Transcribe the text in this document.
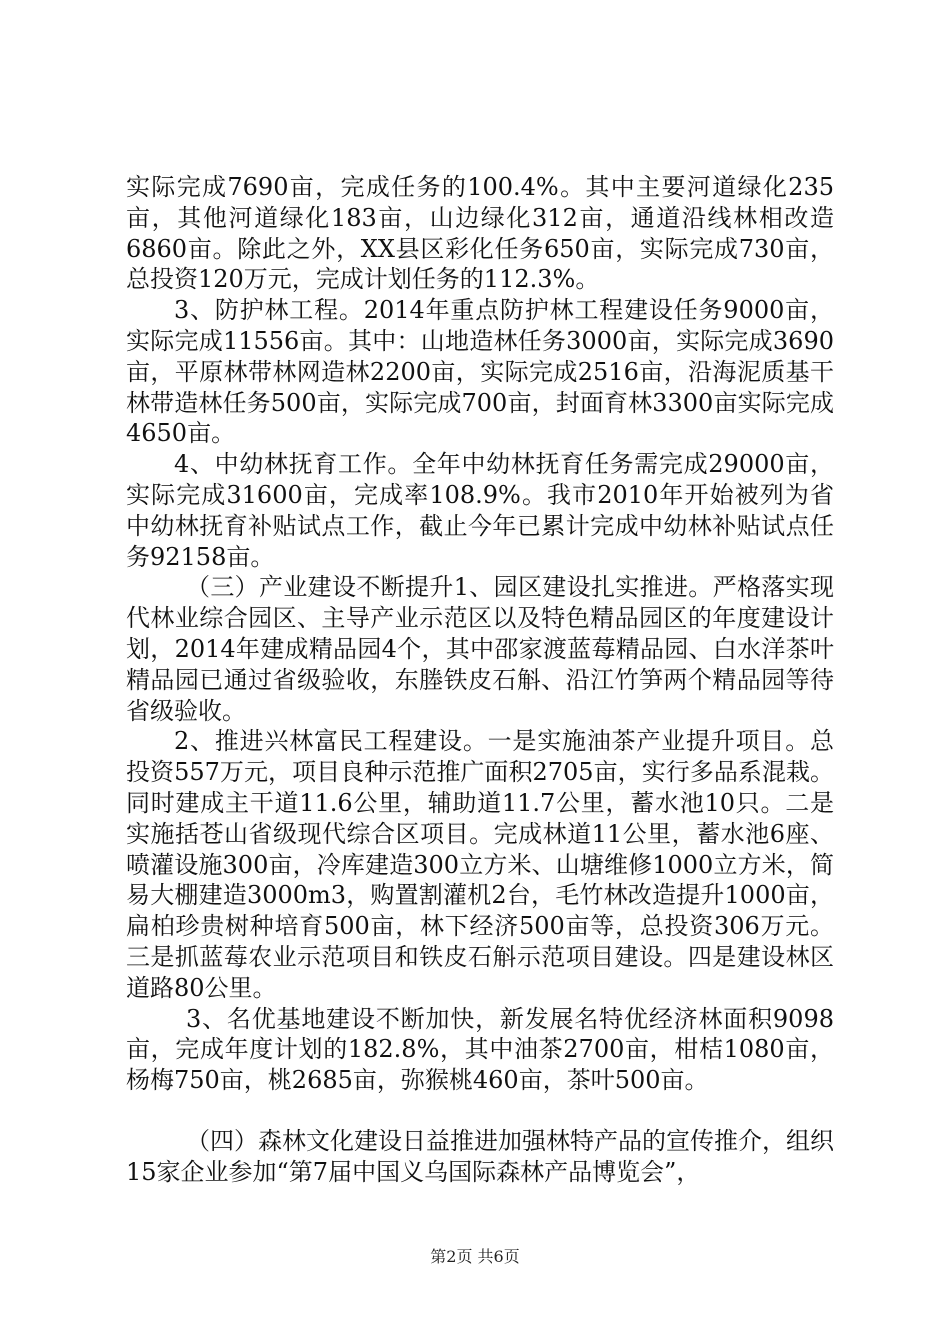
实际完成7690亩，完成任务的100.4%。其中主要河道绿化235亩，其他河道绿化183亩，山边绿化312亩，通道沿线林相改造6860亩。除此之外，XX县区彩化任务650亩，实际完成730亩，总投资120万元，完成计划任务的112.3%。

3、防护林工程。2014年重点防护林工程建设任务9000亩，实际完成11556亩。其中：山地造林任务3000亩，实际完成3690亩，平原林带林网造林2200亩，实际完成2516亩，沿海泥质基干林带造林任务500亩，实际完成700亩，封面育林3300亩实际完成4650亩。

4、中幼林抚育工作。全年中幼林抚育任务需完成29000亩，实际完成31600亩，完成率108.9%。我市2010年开始被列为省中幼林抚育补贴试点工作，截止今年已累计完成中幼林补贴试点任务92158亩。

（三）产业建设不断提升1、园区建设扎实推进。严格落实现代林业综合园区、主导产业示范区以及特色精品园区的年度建设计划，2014年建成精品园4个，其中邵家渡蓝莓精品园、白水洋茶叶精品园已通过省级验收，东塍铁皮石斛、沿江竹笋两个精品园等待省级验收。

2、推进兴林富民工程建设。一是实施油茶产业提升项目。总投资557万元，项目良种示范推广面积2705亩，实行多品系混栽。同时建成主干道11.6公里，辅助道11.7公里，蓄水池10只。二是实施括苍山省级现代综合区项目。完成林道11公里，蓄水池6座、喷灌设施300亩，冷库建造300立方米、山塘维修1000立方米，简易大棚建造3000m3，购置割灌机2台，毛竹林改造提升1000亩，扁柏珍贵树种培育500亩，林下经济500亩等，总投资306万元。三是抓蓝莓农业示范项目和铁皮石斛示范项目建设。四是建设林区道路80公里。

3、名优基地建设不断加快，新发展名特优经济林面积9098亩，完成年度计划的182.8%，其中油茶2700亩，柑桔1080亩，杨梅750亩，桃2685亩，弥猴桃460亩，茶叶500亩。

（四）森林文化建设日益推进加强林特产品的宣传推介，组织15家企业参加“第7届中国义乌国际森林产品博览会”，

第2页 共6页
